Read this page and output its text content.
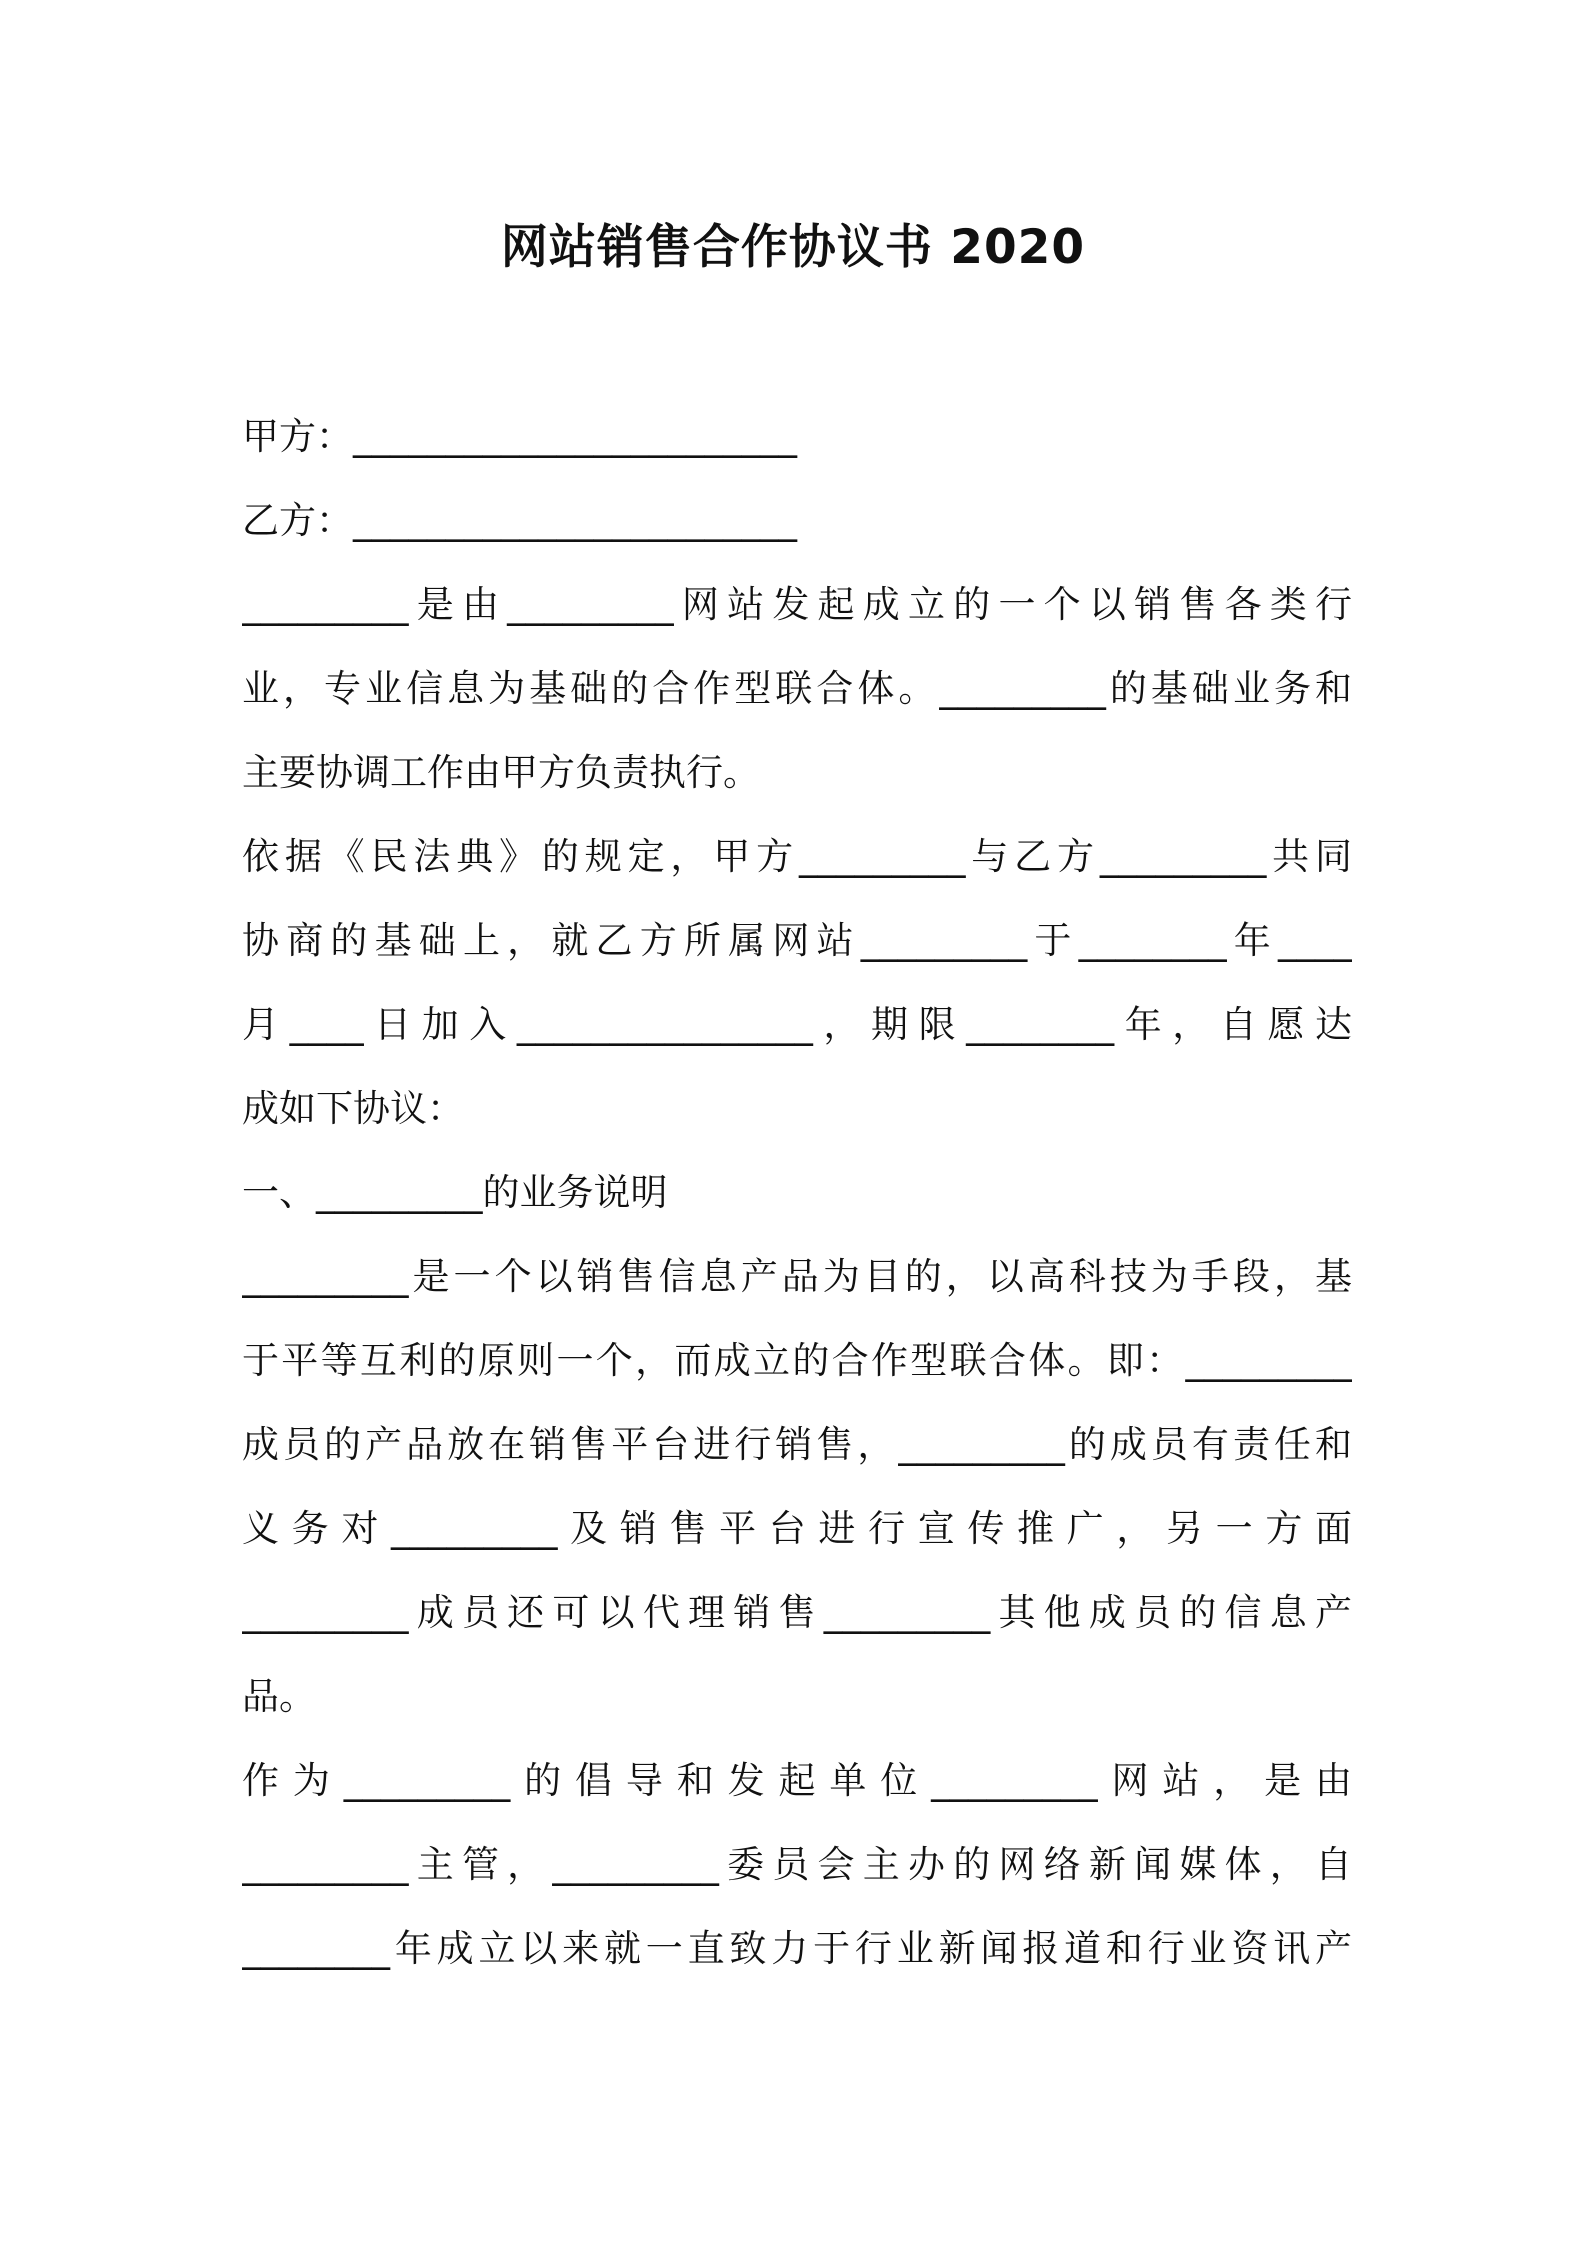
网站销售合作协议书 2020
甲方：________________________
乙方：________________________
_________是由_________网站发起成立的一个以销售各类行
业，专业信息为基础的合作型联合体。_________的基础业务和
主要协调工作由甲方负责执行。
依据《民法典》的规定，甲方_________与乙方_________共同
协商的基础上，就乙方所属网站_________于________年____
月____日加入________________，期限________年，自愿达
成如下协议：
一、_________的业务说明
_________是一个以销售信息产品为目的，以高科技为手段，基
于平等互利的原则一个，而成立的合作型联合体。即：_________
成员的产品放在销售平台进行销售，_________的成员有责任和
义务对_________及销售平台进行宣传推广，另一方面
_________成员还可以代理销售_________其他成员的信息产
品。
作为_________的倡导和发起单位_________网站，是由
_________主管，_________委员会主办的网络新闻媒体，自
________年成立以来就一直致力于行业新闻报道和行业资讯产
